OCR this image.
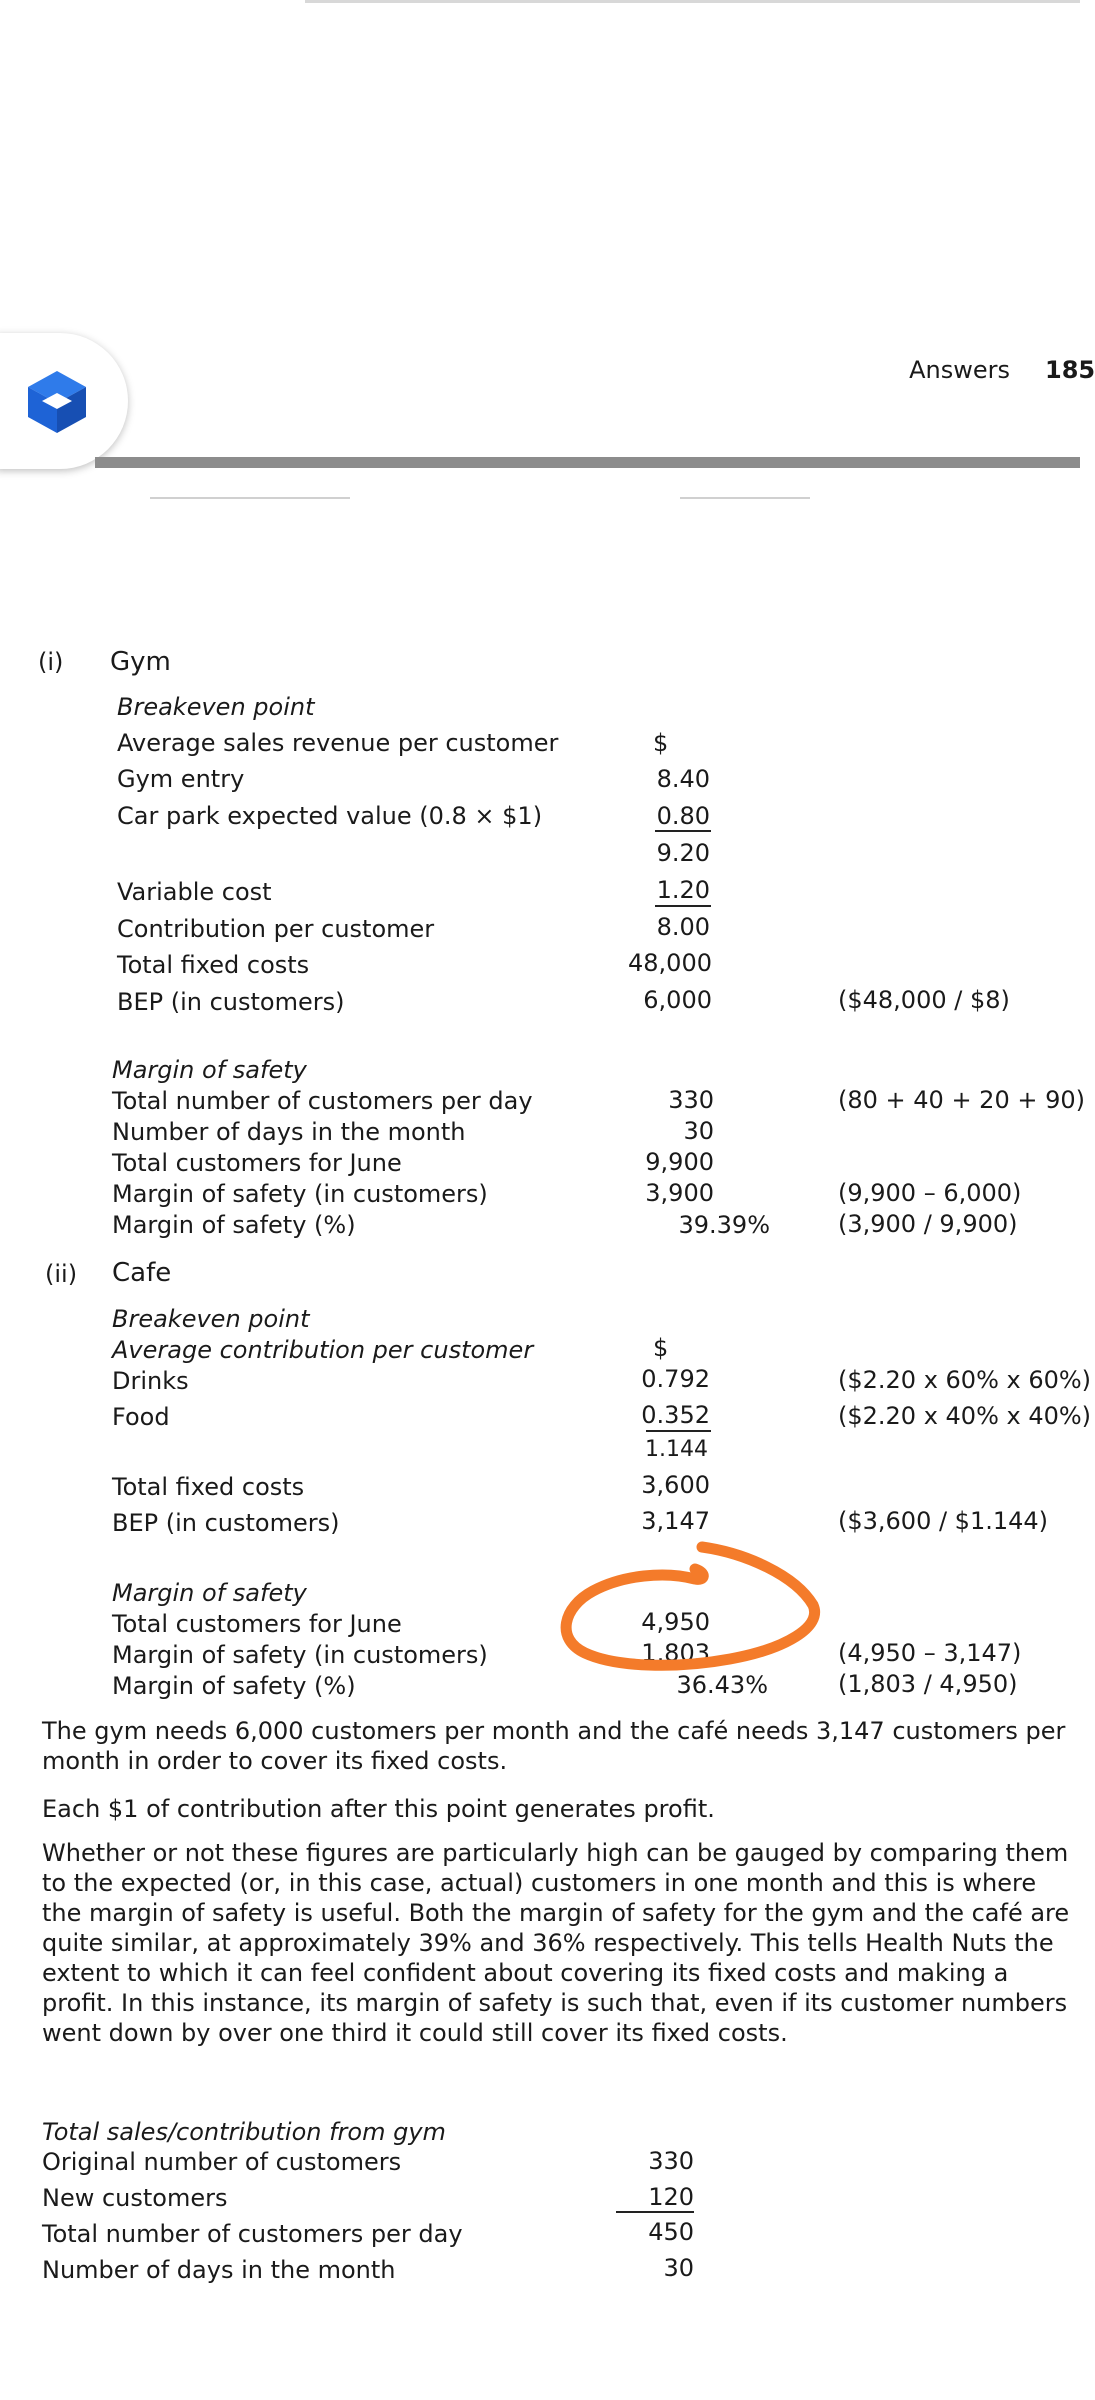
Answers 185
(i) Gym
Breakeven point
Average sales revenue per customer	$
Gym entry	8.40
Car park expected value (0.8 × $1)	0.80
9.20
Variable cost	1.20
Contribution per customer	8.00
Total fixed costs	48,000
BEP (in customers)	6,000	($48,000 / $8)
Margin of safety
Total number of customers per day	330	(80 + 40 + 20 + 90)
Number of days in the month	30
Total customers for June	9,900
Margin of safety (in customers)	3,900	(9,900 – 6,000)
Margin of safety (%)	39.39%	(3,900 / 9,900)
(ii) Cafe
Breakeven point
Average contribution per customer	$
Drinks	0.792	($2.20 x 60% x 60%)
Food	0.352	($2.20 x 40% x 40%)
1.144
Total fixed costs	3,600
BEP (in customers)	3,147	($3,600 / $1.144)
Margin of safety
Total customers for June	4,950
Margin of safety (in customers)	1,803	(4,950 – 3,147)
Margin of safety (%)	36.43%	(1,803 / 4,950)
The gym needs 6,000 customers per month and the café needs 3,147 customers per month in order to cover its fixed costs.
Each $1 of contribution after this point generates profit.
Whether or not these figures are particularly high can be gauged by comparing them to the expected (or, in this case, actual) customers in one month and this is where the margin of safety is useful. Both the margin of safety for the gym and the café are quite similar, at approximately 39% and 36% respectively. This tells Health Nuts the extent to which it can feel confident about covering its fixed costs and making a profit. In this instance, its margin of safety is such that, even if its customer numbers went down by over one third it could still cover its fixed costs.
Total sales/contribution from gym
Original number of customers	330
New customers	120
Total number of customers per day	450
Number of days in the month	30
